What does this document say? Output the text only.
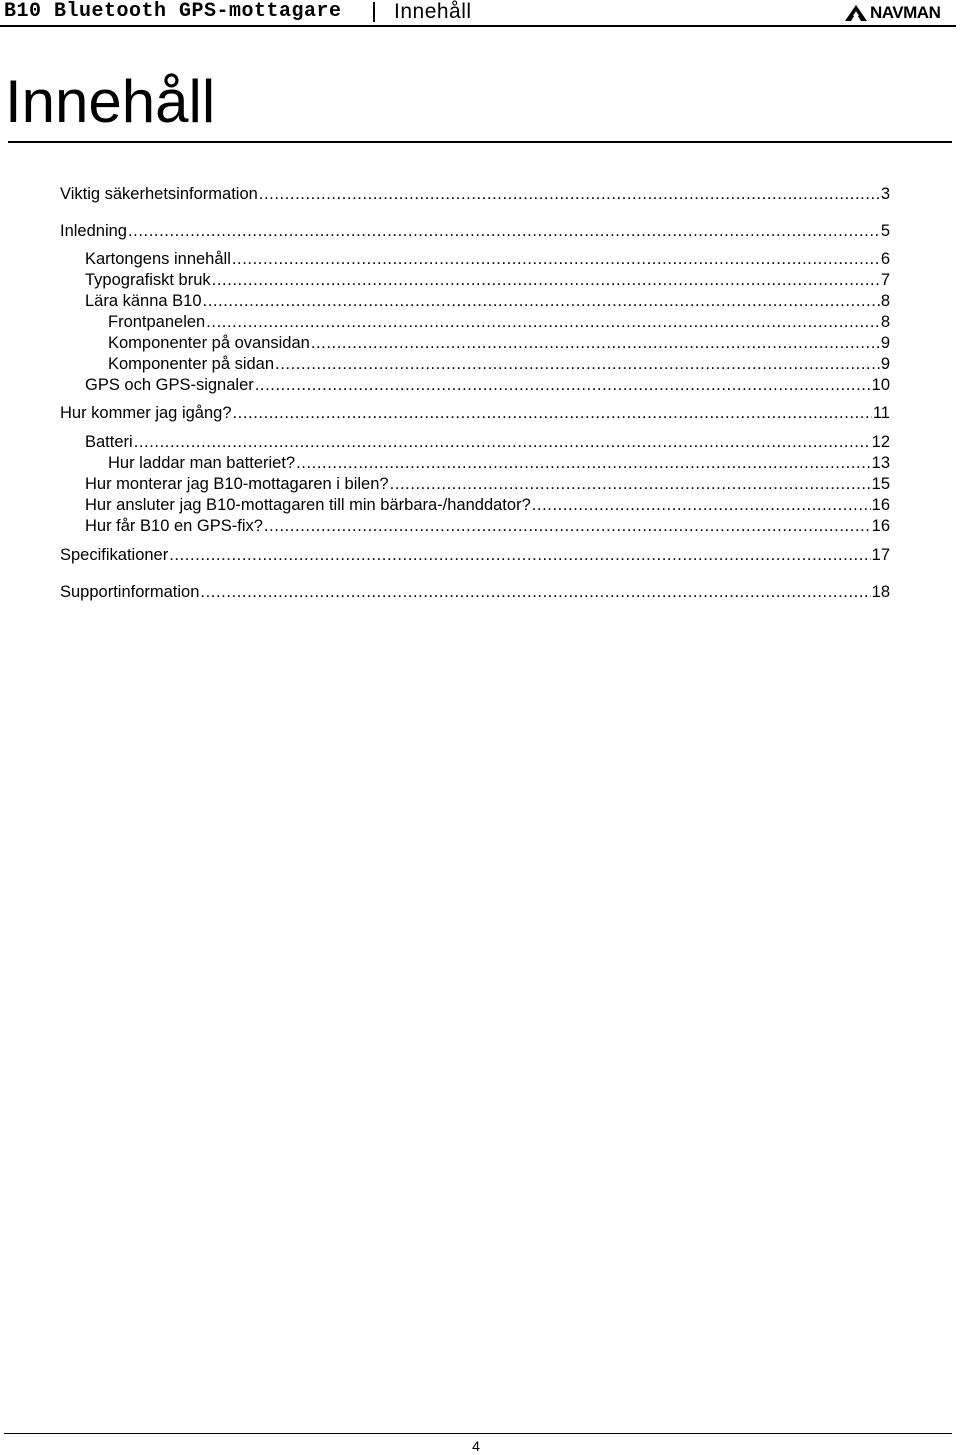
B10 Bluetooth GPS-mottagare Innehåll	NAVMAN
Innehåll
Viktig säkerhetsinformation .....	3
Inledning .....	5
Kartongens innehåll .....	6
Typografiskt bruk .....	7
Lära känna B10 .....	8
Frontpanelen .....	8
Komponenter på ovansidan .....	9
Komponenter på sidan .....	9
GPS och GPS-signaler .....	10
Hur kommer jag igång? .....	11
Batteri .....	12
Hur laddar man batteriet? .....	13
Hur monterar jag B10-mottagaren i bilen? .....	15
Hur ansluter jag B10-mottagaren till min bärbara-/handdator? .....	16
Hur får B10 en GPS-fix? .....	16
Specifikationer .....	17
Supportinformation .....	18
4
